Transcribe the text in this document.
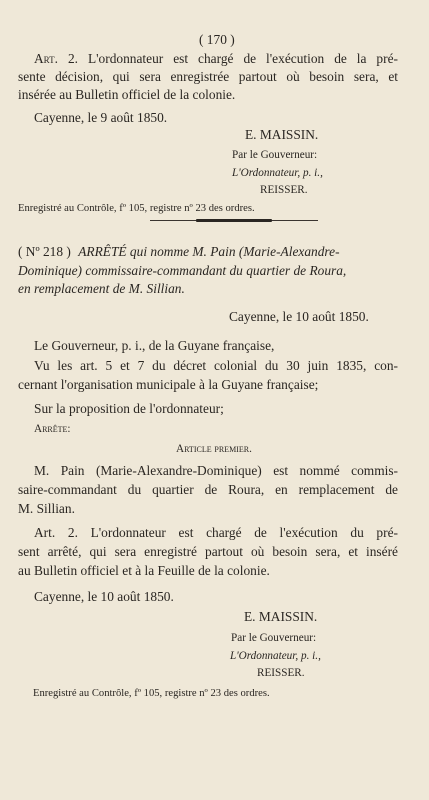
( 170 )
Art. 2. L'ordonnateur est chargé de l'exécution de la pré-
sente décision, qui sera enregistrée partout où besoin sera, et
insérée au Bulletin officiel de la colonie.
Cayenne, le 9 août 1850.
E. MAISSIN.
Par le Gouverneur:
L'Ordonnateur, p. i.,
REISSER.
Enregistré au Contrôle, fº 105, registre nº 23 des ordres.
( Nº 218 ) ARRÊTÉ qui nomme M. Pain (Marie-Alexandre-
Dominique) commissaire-commandant du quartier de Roura,
en remplacement de M. Sillian.
Cayenne, le 10 août 1850.
Le Gouverneur, p. i., de la Guyane française,
Vu les art. 5 et 7 du décret colonial du 30 juin 1835, con-
cernant l'organisation municipale à la Guyane française;
Sur la proposition de l'ordonnateur;
Arrête:
Article premier.
M. Pain (Marie-Alexandre-Dominique) est nommé commis-
saire-commandant du quartier de Roura, en remplacement de
M. Sillian.
Art. 2. L'ordonnateur est chargé de l'exécution du pré-
sent arrêté, qui sera enregistré partout où besoin sera, et inséré
au Bulletin officiel et à la Feuille de la colonie.
Cayenne, le 10 août 1850.
E. MAISSIN.
Par le Gouverneur:
L'Ordonnateur, p. i.,
REISSER.
Enregistré au Contrôle, fº 105, registre nº 23 des ordres.
